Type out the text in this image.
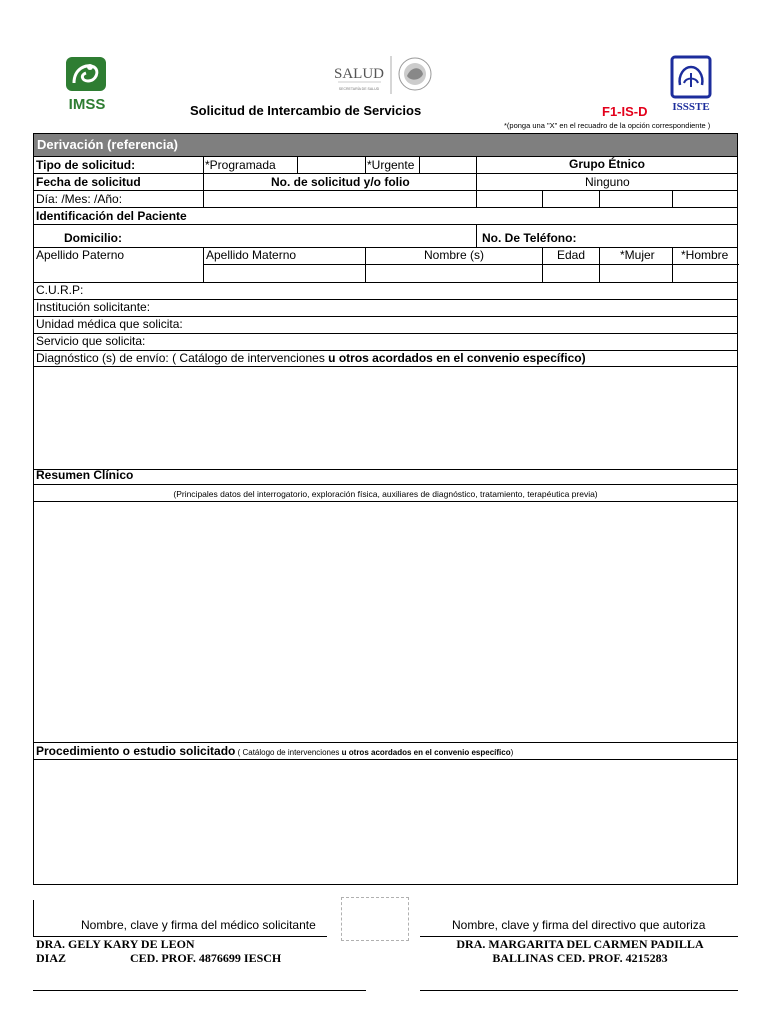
IMSS
SALUD
SECRETARÍA DE SALUD
ISSSTE
Solicitud de Intercambio de Servicios	F1-IS-D
*(ponga una "X" en el recuadro de la opción correspondiente )
Derivación (referencia)
Tipo de solicitud:	*Programada	*Urgente	Grupo Étnico
Fecha de solicitud	No. de solicitud y/o folio	Ninguno
Día: /Mes: /Año:
Identificación del Paciente
Domicilio:	No. De Teléfono:
Apellido Paterno	Apellido Materno	Nombre (s)	Edad	*Mujer *Hombre
C.U.R.P:
Institución solicitante:
Unidad médica que solicita:
Servicio que solicita:
Diagnóstico (s) de envío: ( Catálogo de intervenciones u otros acordados en el convenio específico)
Resumen Clínico
(Principales datos del interrogatorio, exploración física, auxiliares de diagnóstico, tratamiento, terapéutica previa)
Procedimiento o estudio solicitado ( Catálogo de intervenciones u otros acordados en el convenio específico)
Nombre, clave y firma del médico solicitante	Nombre, clave y firma del directivo que autoriza
DRA. GELY KARY DE LEON DIAZ	CED. PROF. 4876699 IESCH
DRA. MARGARITA DEL CARMEN PADILLA
BALLINAS CED. PROF. 4215283
